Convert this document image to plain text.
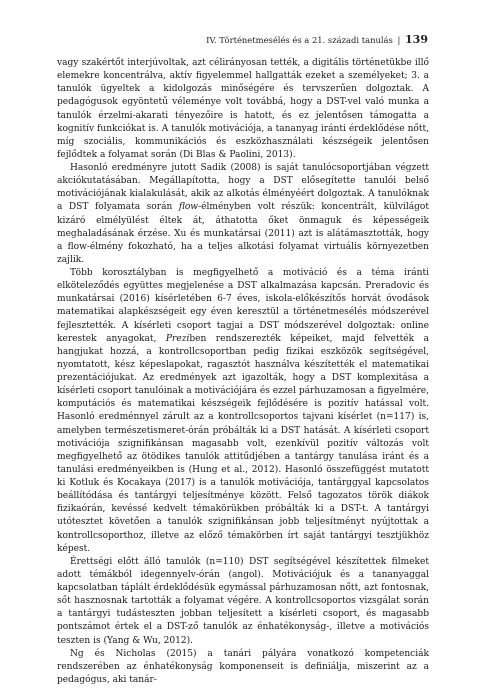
IV. Történetmesélés és a 21. századi tanulás | 139

vagy szakértőt interjúvoltak, azt célirányosan tették, a digitális történetükbe illő elemekre koncentrálva, aktív figyelemmel hallgatták ezeket a személyeket; 3. a tanulók ügyeltek a kidolgozás minőségére és tervszerűen dolgoztak. A pedagógusok egyöntetű véleménye volt továbbá, hogy a DST-vel való munka a tanulók érzelmi-akarati tényezőire is hatott, és ez jelentősen támogatta a kognitív funkciókat is. A tanulók motivációja, a tananyag iránti érdeklődése nőtt, míg szociális, kommunikációs és eszközhasználati készségeik jelentősen fejlődtek a folyamat során (Di Blas & Paolini, 2013).

Hasonló eredményre jutott Sadik (2008) is saját tanulócsoportjában végzett akciókutatásában. Megállapította, hogy a DST elősegítette tanulói belső motivációjának kialakulását, akik az alkotás élményéért dolgoztak. A tanulóknak a DST folyamata során flow-élményben volt részük: koncentrált, külvilágot kizáró elmélyülést éltek át, áthatotta őket önmaguk és képességeik meghaladásának érzése. Xu és munkatársai (2011) azt is alátámasztották, hogy a flow-élmény fokozható, ha a teljes alkotási folyamat virtuális környezetben zajlik.

Több korosztályban is megfigyelhető a motiváció és a téma iránti elköteleződés együttes megjelenése a DST alkalmazása kapcsán. Preradovic és munkatársai (2016) kísérletében 6-7 éves, iskola-előkészítős horvát óvodások matematikai alapkészségeit egy éven keresztül a történetmesélés módszerével fejlesztették. A kísérleti csoport tagjai a DST módszerével dolgoztak: online kerestek anyagokat, Preziben rendszerezték képeiket, majd felvették a hangjukat hozzá, a kontrollcsoportban pedig fizikai eszközök segítségével, nyomtatott, kész képeslapokat, ragasztót használva készítették el matematikai prezentációjukat. Az eredmények azt igazolták, hogy a DST komplexitása a kísérleti csoport tanulóinak a motivációjára és ezzel párhuzamosan a figyelmére, komputációs és matematikai készségeik fejlődésére is pozitív hatással volt. Hasonló eredménnyel zárult az a kontrollcsoportos tajvani kísérlet (n=117) is, amelyben természetismeret-órán próbálták ki a DST hatását. A kísérleti csoport motivációja szignifikánsan magasabb volt, ezenkívül pozitív változás volt megfigyelhető az ötödikes tanulók attitűdjében a tantárgy tanulása iránt és a tanulási eredményeikben is (Hung et al., 2012). Hasonló összefüggést mutatott ki Kotluk és Kocakaya (2017) is a tanulók motivációja, tantárggyal kapcsolatos beállítódása és tantárgyi teljesítménye között. Felső tagozatos török diákok fizikaórán, kevéssé kedvelt témakörükben próbálták ki a DST-t. A tantárgyi utótesztet követően a tanulók szignifikánsan jobb teljesítményt nyújtottak a kontrollcsoporthoz, illetve az előző témakörben írt saját tantárgyi tesztjükhöz képest.

Érettségi előtt álló tanulók (n=110) DST segítségével készítettek filmeket adott témákból idegennyelv-órán (angol). Motivációjuk és a tananyaggal kapcsolatban táplált érdeklődésük egymással párhuzamosan nőtt, azt fontosnak, sőt hasznosnak tartották a folyamat végére. A kontrollcsoportos vizsgálat során a tantárgyi tudásteszten jobban teljesített a kísérleti csoport, és magasabb pontszámot értek el a DST-ző tanulók az énhatékonyság-, illetve a motivációs teszten is (Yang & Wu, 2012).

Ng és Nicholas (2015) a tanári pályára vonatkozó kompetenciák rendszerében az énhatékonyság komponenseit is definiálja, miszerint az a pedagógus, aki tanár-
